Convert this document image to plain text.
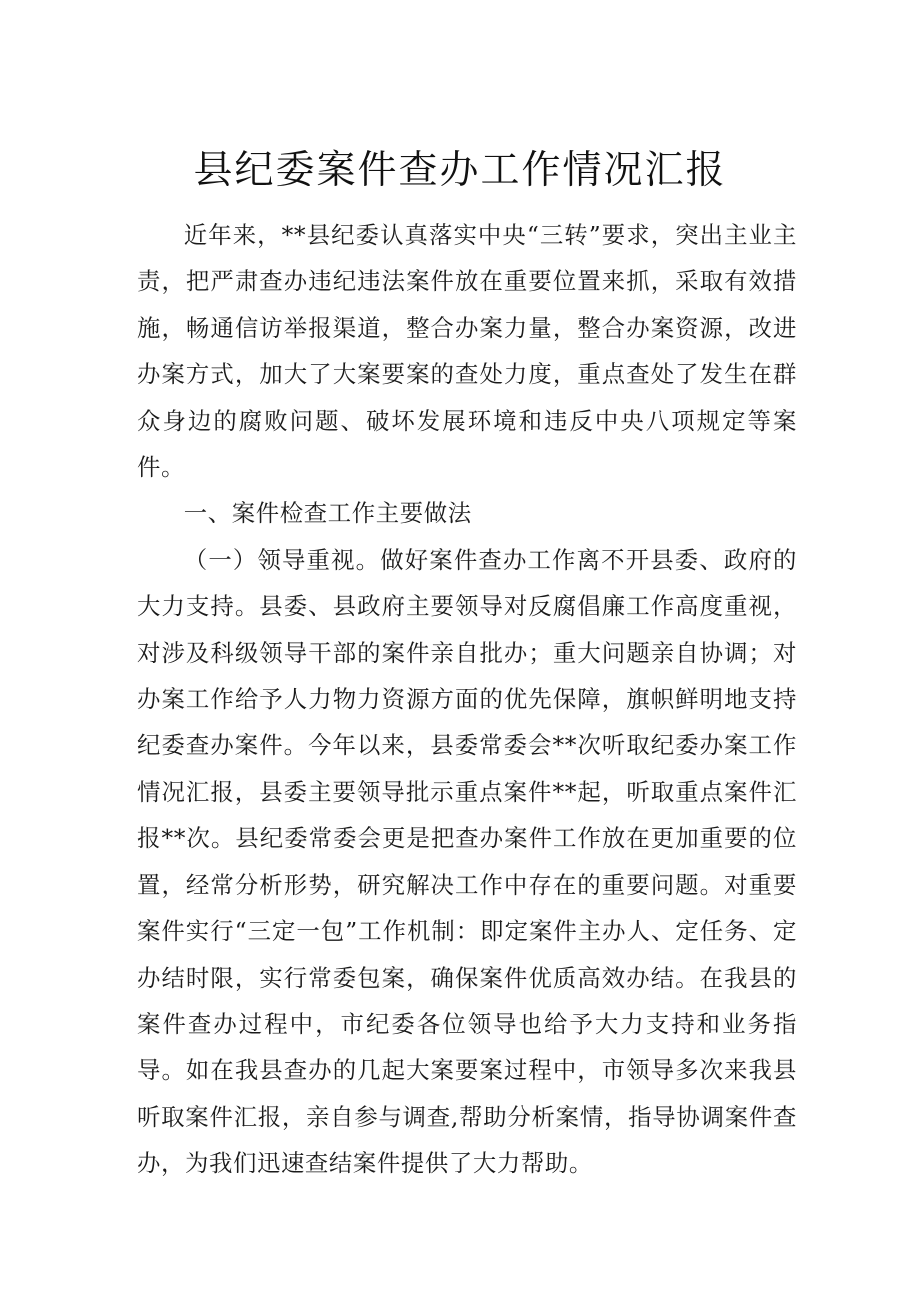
县纪委案件查办工作情况汇报

近年来，**县纪委认真落实中央“三转”要求，突出主业主责，把严肃查办违纪违法案件放在重要位置来抓，采取有效措施，畅通信访举报渠道，整合办案力量，整合办案资源，改进办案方式，加大了大案要案的查处力度，重点查处了发生在群众身边的腐败问题、破坏发展环境和违反中央八项规定等案件。

一、案件检查工作主要做法

（一）领导重视。做好案件查办工作离不开县委、政府的大力支持。县委、县政府主要领导对反腐倡廉工作高度重视，对涉及科级领导干部的案件亲自批办；重大问题亲自协调；对办案工作给予人力物力资源方面的优先保障，旗帜鲜明地支持纪委查办案件。今年以来，县委常委会**次听取纪委办案工作情况汇报，县委主要领导批示重点案件**起，听取重点案件汇报**次。县纪委常委会更是把查办案件工作放在更加重要的位置，经常分析形势，研究解决工作中存在的重要问题。对重要案件实行“三定一包”工作机制：即定案件主办人、定任务、定办结时限，实行常委包案，确保案件优质高效办结。在我县的案件查办过程中，市纪委各位领导也给予大力支持和业务指导。如在我县查办的几起大案要案过程中，市领导多次来我县听取案件汇报，亲自参与调查,帮助分析案情，指导协调案件查办，为我们迅速查结案件提供了大力帮助。
